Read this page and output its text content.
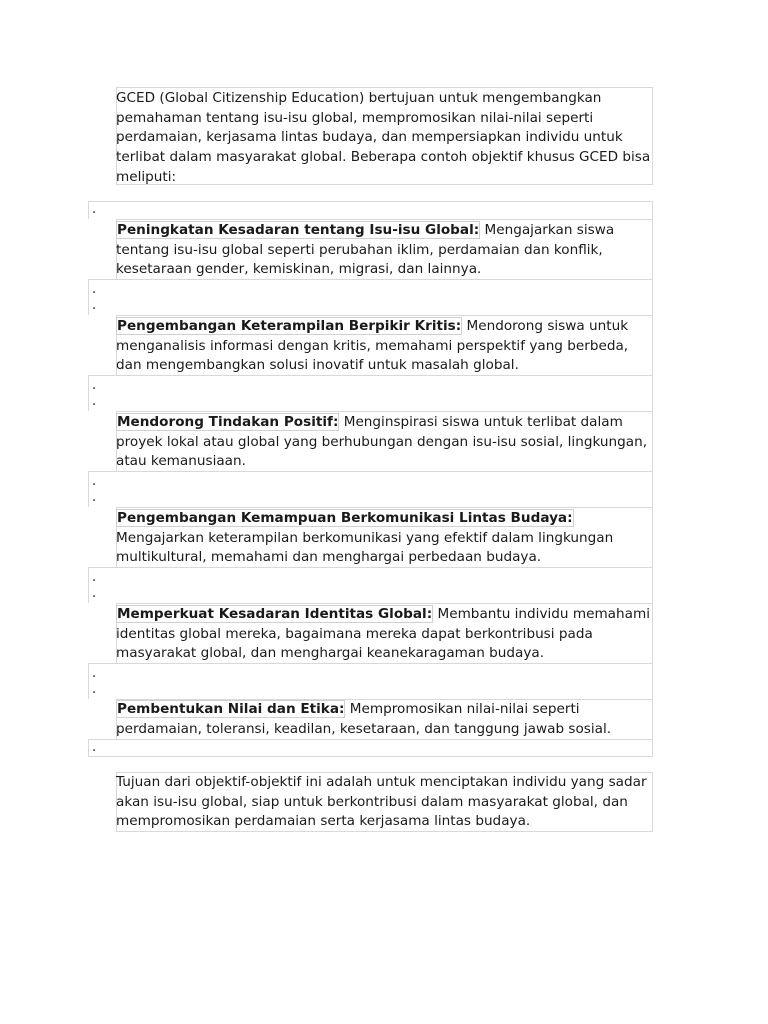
GCED (Global Citizenship Education) bertujuan untuk mengembangkan pemahaman tentang isu-isu global, mempromosikan nilai-nilai seperti perdamaian, kerjasama lintas budaya, dan mempersiapkan individu untuk terlibat dalam masyarakat global. Beberapa contoh objektif khusus GCED bisa meliputi:

.

Peningkatan Kesadaran tentang Isu-isu Global: Mengajarkan siswa tentang isu-isu global seperti perubahan iklim, perdamaian dan konflik, kesetaraan gender, kemiskinan, migrasi, dan lainnya.

.
.

Pengembangan Keterampilan Berpikir Kritis: Mendorong siswa untuk menganalisis informasi dengan kritis, memahami perspektif yang berbeda, dan mengembangkan solusi inovatif untuk masalah global.

.
.

Mendorong Tindakan Positif: Menginspirasi siswa untuk terlibat dalam proyek lokal atau global yang berhubungan dengan isu-isu sosial, lingkungan, atau kemanusiaan.

.
.

Pengembangan Kemampuan Berkomunikasi Lintas Budaya: Mengajarkan keterampilan berkomunikasi yang efektif dalam lingkungan multikultural, memahami dan menghargai perbedaan budaya.

.
.

Memperkuat Kesadaran Identitas Global: Membantu individu memahami identitas global mereka, bagaimana mereka dapat berkontribusi pada masyarakat global, dan menghargai keanekaragaman budaya.

.
.

Pembentukan Nilai dan Etika: Mempromosikan nilai-nilai seperti perdamaian, toleransi, keadilan, kesetaraan, dan tanggung jawab sosial.

.

Tujuan dari objektif-objektif ini adalah untuk menciptakan individu yang sadar akan isu-isu global, siap untuk berkontribusi dalam masyarakat global, dan mempromosikan perdamaian serta kerjasama lintas budaya.
